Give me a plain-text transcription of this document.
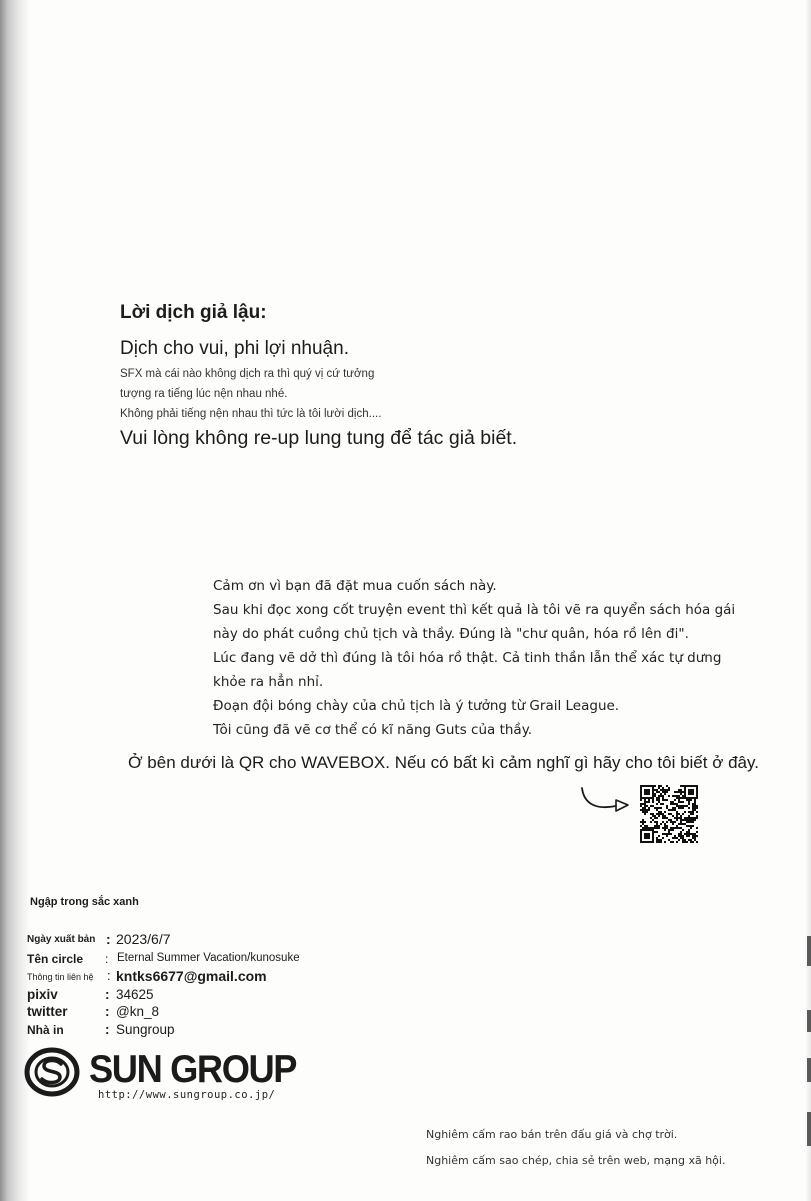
Lời dịch giả lậu:
Dịch cho vui, phi lợi nhuận.
SFX mà cái nào không dịch ra thì quý vị cứ tưởng
tượng ra tiếng lúc nện nhau nhé.
Không phải tiếng nện nhau thì tức là tôi lười dịch....
Vui lòng không re-up lung tung để tác giả biết.
Cảm ơn vì bạn đã đặt mua cuốn sách này.
Sau khi đọc xong cốt truyện event thì kết quả là tôi vẽ ra quyển sách hóa gái
này do phát cuồng chủ tịch và thầy. Đúng là "chư quân, hóa rồ lên đi".
Lúc đang vẽ dở thì đúng là tôi hóa rồ thật. Cả tinh thần lẫn thể xác tự dưng
khỏe ra hẳn nhỉ.
Đoạn đội bóng chày của chủ tịch là ý tưởng từ Grail League.
Tôi cũng đã vẽ cơ thể có kĩ năng Guts của thầy.
Ở bên dưới là QR cho WAVEBOX. Nếu có bất kì cảm nghĩ gì hãy cho tôi biết ở đây.
Ngập trong sắc xanh
Ngày xuất bản : 2023/6/7
Tên circle : Eternal Summer Vacation/kunosuke
Thông tin liên hệ : kntks6677@gmail.com
pixiv	: 34625
twitter	: @kn_8
Nhà in	: Sungroup
SUN GROUP
http://www.sungroup.co.jp/
Nghiêm cấm rao bán trên đấu giá và chợ trời.
Nghiêm cấm sao chép, chia sẻ trên web, mạng xã hội.
